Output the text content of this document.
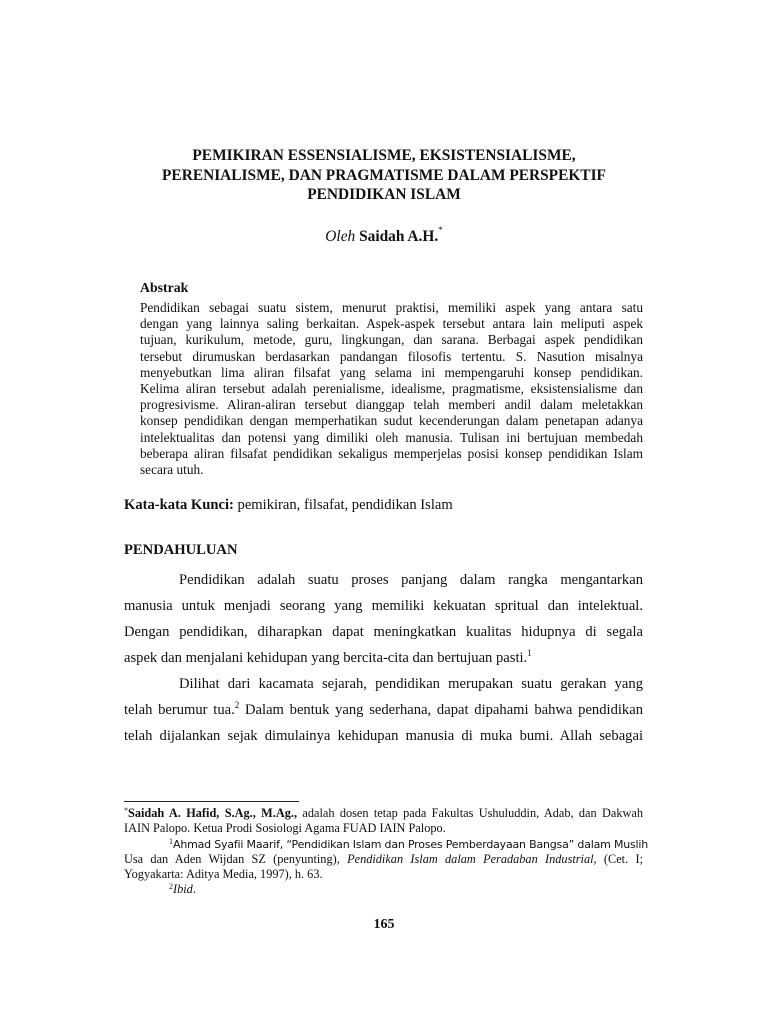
PEMIKIRAN ESSENSIALISME, EKSISTENSIALISME,
PERENIALISME, DAN PRAGMATISME DALAM PERSPEKTIF
PENDIDIKAN ISLAM
Oleh Saidah A.H.*
Abstrak
Pendidikan sebagai suatu sistem, menurut praktisi, memiliki aspek yang antara satu
dengan yang lainnya saling berkaitan. Aspek-aspek tersebut antara lain meliputi aspek
tujuan, kurikulum, metode, guru, lingkungan, dan sarana. Berbagai aspek pendidikan
tersebut dirumuskan berdasarkan pandangan filosofis tertentu. S. Nasution misalnya
menyebutkan lima aliran filsafat yang selama ini mempengaruhi konsep pendidikan.
Kelima aliran tersebut adalah perenialisme, idealisme, pragmatisme, eksistensialisme dan
progresivisme. Aliran-aliran tersebut dianggap telah memberi andil dalam meletakkan
konsep pendidikan dengan memperhatikan sudut kecenderungan dalam penetapan adanya
intelektualitas dan potensi yang dimiliki oleh manusia. Tulisan ini bertujuan membedah
beberapa aliran filsafat pendidikan sekaligus memperjelas posisi konsep pendidikan Islam
secara utuh.
Kata-kata Kunci: pemikiran, filsafat, pendidikan Islam
PENDAHULUAN
Pendidikan adalah suatu proses panjang dalam rangka mengantarkan
manusia untuk menjadi seorang yang memiliki kekuatan spritual dan intelektual.
Dengan pendidikan, diharapkan dapat meningkatkan kualitas hidupnya di segala
aspek dan menjalani kehidupan yang bercita-cita dan bertujuan pasti.$^1$
Dilihat dari kacamata sejarah, pendidikan merupakan suatu gerakan yang
telah berumur tua.$^2$ Dalam bentuk yang sederhana, dapat dipahami bahwa pendidikan
telah dijalankan sejak dimulainya kehidupan manusia di muka bumi. Allah sebagai
*Saidah A. Hafid, S.Ag., M.Ag., adalah dosen tetap pada Fakultas Ushuluddin, Adab, dan Dakwah
IAIN Palopo. Ketua Prodi Sosiologi Agama FUAD IAIN Palopo.
$^1$Ahmad Syafii Maarif, “Pendidikan Islam dan Proses Pemberdayaan Bangsa” dalam Muslih
Usa dan Aden Wijdan SZ (penyunting), Pendidikan Islam dalam Peradaban Industrial, (Cet. I;
Yogyakarta: Aditya Media, 1997), h. 63.
$^2$Ibid.
165
